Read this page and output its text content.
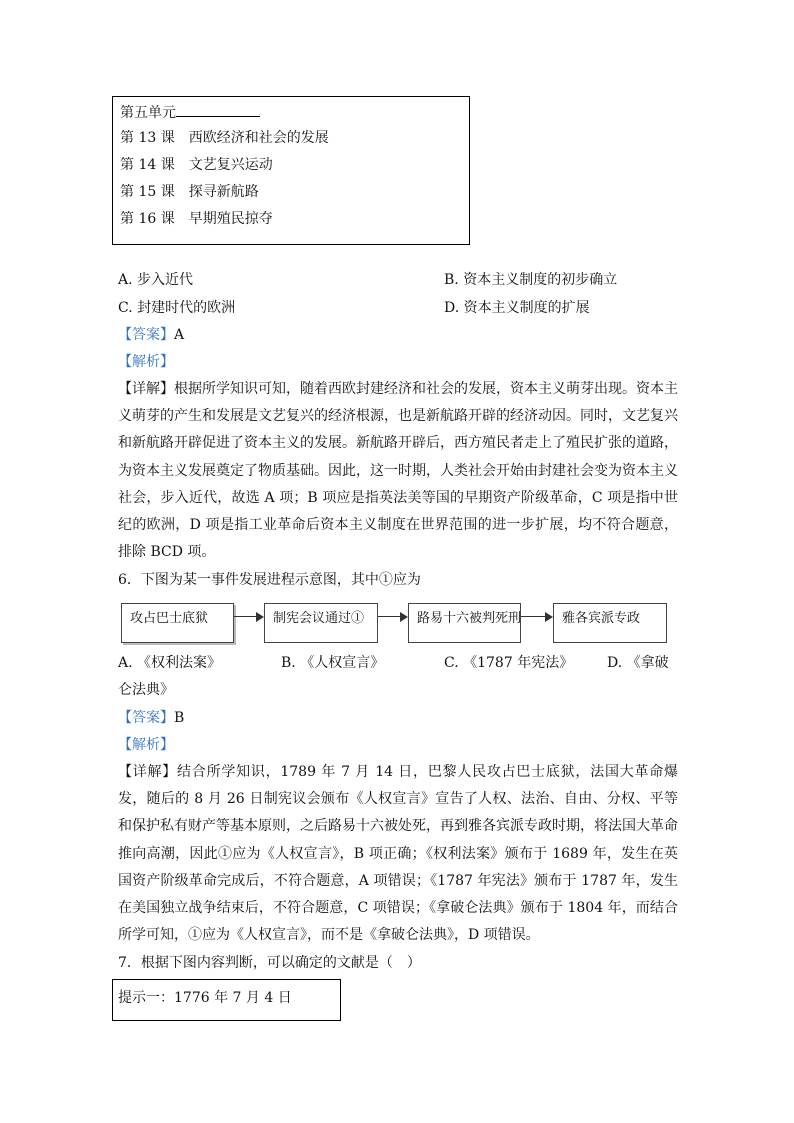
第五单元
第 13 课　西欧经济和社会的发展
第 14 课　文艺复兴运动
第 15 课　探寻新航路
第 16 课　早期殖民掠夺
A. 步入近代	B. 资本主义制度的初步确立
C. 封建时代的欧洲	D. 资本主义制度的扩展
【答案】A
【解析】
【详解】根据所学知识可知，随着西欧封建经济和社会的发展，资本主义萌芽出现。资本主义萌芽的产生和发展是文艺复兴的经济根源，也是新航路开辟的经济动因。同时，文艺复兴和新航路开辟促进了资本主义的发展。新航路开辟后，西方殖民者走上了殖民扩张的道路，为资本主义发展奠定了物质基础。因此，这一时期，人类社会开始由封建社会变为资本主义社会，步入近代，故选 A 项；B 项应是指英法美等国的早期资产阶级革命，C 项是指中世纪的欧洲，D 项是指工业革命后资本主义制度在世界范围的进一步扩展，均不符合题意，排除 BCD 项。
6．下图为某一事件发展进程示意图，其中①应为
攻占巴士底狱	制宪会议通过①	路易十六被判死刑	雅各宾派专政
A. 《权利法案》	B. 《人权宣言》	C. 《1787 年宪法》 D. 《拿破
仑法典》
【答案】B
【解析】
【详解】结合所学知识，1789 年 7 月 14 日，巴黎人民攻占巴士底狱，法国大革命爆发，随后的 8 月 26 日制宪议会颁布《人权宣言》宣告了人权、法治、自由、分权、平等和保护私有财产等基本原则，之后路易十六被处死，再到雅各宾派专政时期，将法国大革命推向高潮，因此①应为《人权宣言》，B 项正确；《权利法案》颁布于 1689 年，发生在英国资产阶级革命完成后，不符合题意，A 项错误；《1787 年宪法》颁布于 1787 年，发生在美国独立战争结束后，不符合题意，C 项错误；《拿破仑法典》颁布于 1804 年，而结合所学可知，①应为《人权宣言》，而不是《拿破仑法典》，D 项错误。
7．根据下图内容判断，可以确定的文献是（　）
提示一：1776 年 7 月 4 日
